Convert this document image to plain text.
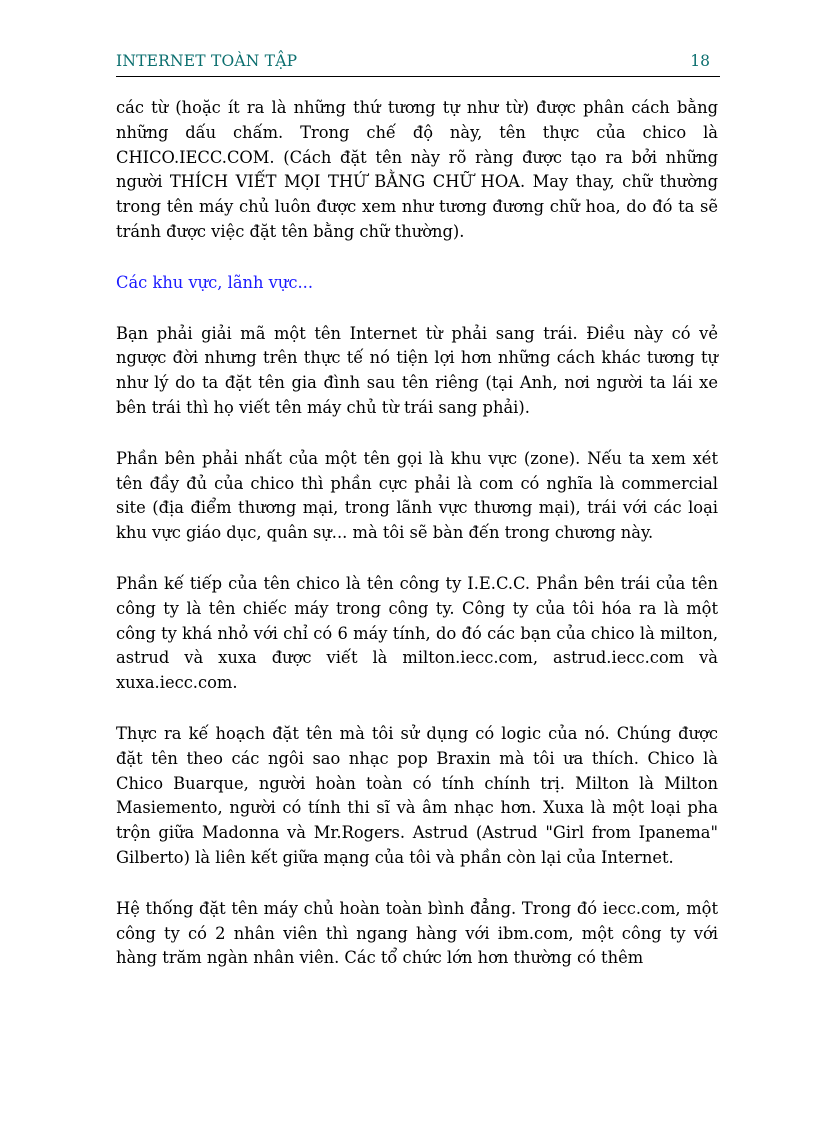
INTERNET TOÀN TẬP	18

các từ (hoặc ít ra là những thứ tương tự như từ) được phân cách bằng những dấu chấm. Trong chế độ này, tên thực của chico là CHICO.IECC.COM. (Cách đặt tên này rõ ràng được tạo ra bởi những người THÍCH VIẾT MỌI THỨ BẰNG CHỮ HOA. May thay, chữ thường trong tên máy chủ luôn được xem như tương đương chữ hoa, do đó ta sẽ tránh được việc đặt tên bằng chữ thường).

Các khu vực, lãnh vực...

Bạn phải giải mã một tên Internet từ phải sang trái. Điều này có vẻ ngược đời nhưng trên thực tế nó tiện lợi hơn những cách khác tương tự như lý do ta đặt tên gia đình sau tên riêng (tại Anh, nơi người ta lái xe bên trái thì họ viết tên máy chủ từ trái sang phải).

Phần bên phải nhất của một tên gọi là khu vực (zone). Nếu ta xem xét tên đầy đủ của chico thì phần cực phải là com có nghĩa là commercial site (địa điểm thương mại, trong lãnh vực thương mại), trái với các loại khu vực giáo dục, quân sự... mà tôi sẽ bàn đến trong chương này.

Phần kế tiếp của tên chico là tên công ty I.E.C.C. Phần bên trái của tên công ty là tên chiếc máy trong công ty. Công ty của tôi hóa ra là một công ty khá nhỏ với chỉ có 6 máy tính, do đó các bạn của chico là milton, astrud và xuxa được viết là milton.iecc.com, astrud.iecc.com và xuxa.iecc.com.

Thực ra kế hoạch đặt tên mà tôi sử dụng có logic của nó. Chúng được đặt tên theo các ngôi sao nhạc pop Braxin mà tôi ưa thích. Chico là Chico Buarque, người hoàn toàn có tính chính trị. Milton là Milton Masiemento, người có tính thi sĩ và âm nhạc hơn. Xuxa là một loại pha trộn giữa Madonna và Mr.Rogers. Astrud (Astrud "Girl from Ipanema" Gilberto) là liên kết giữa mạng của tôi và phần còn lại của Internet.

Hệ thống đặt tên máy chủ hoàn toàn bình đẳng. Trong đó iecc.com, một công ty có 2 nhân viên thì ngang hàng với ibm.com, một công ty với hàng trăm ngàn nhân viên. Các tổ chức lớn hơn thường có thêm
